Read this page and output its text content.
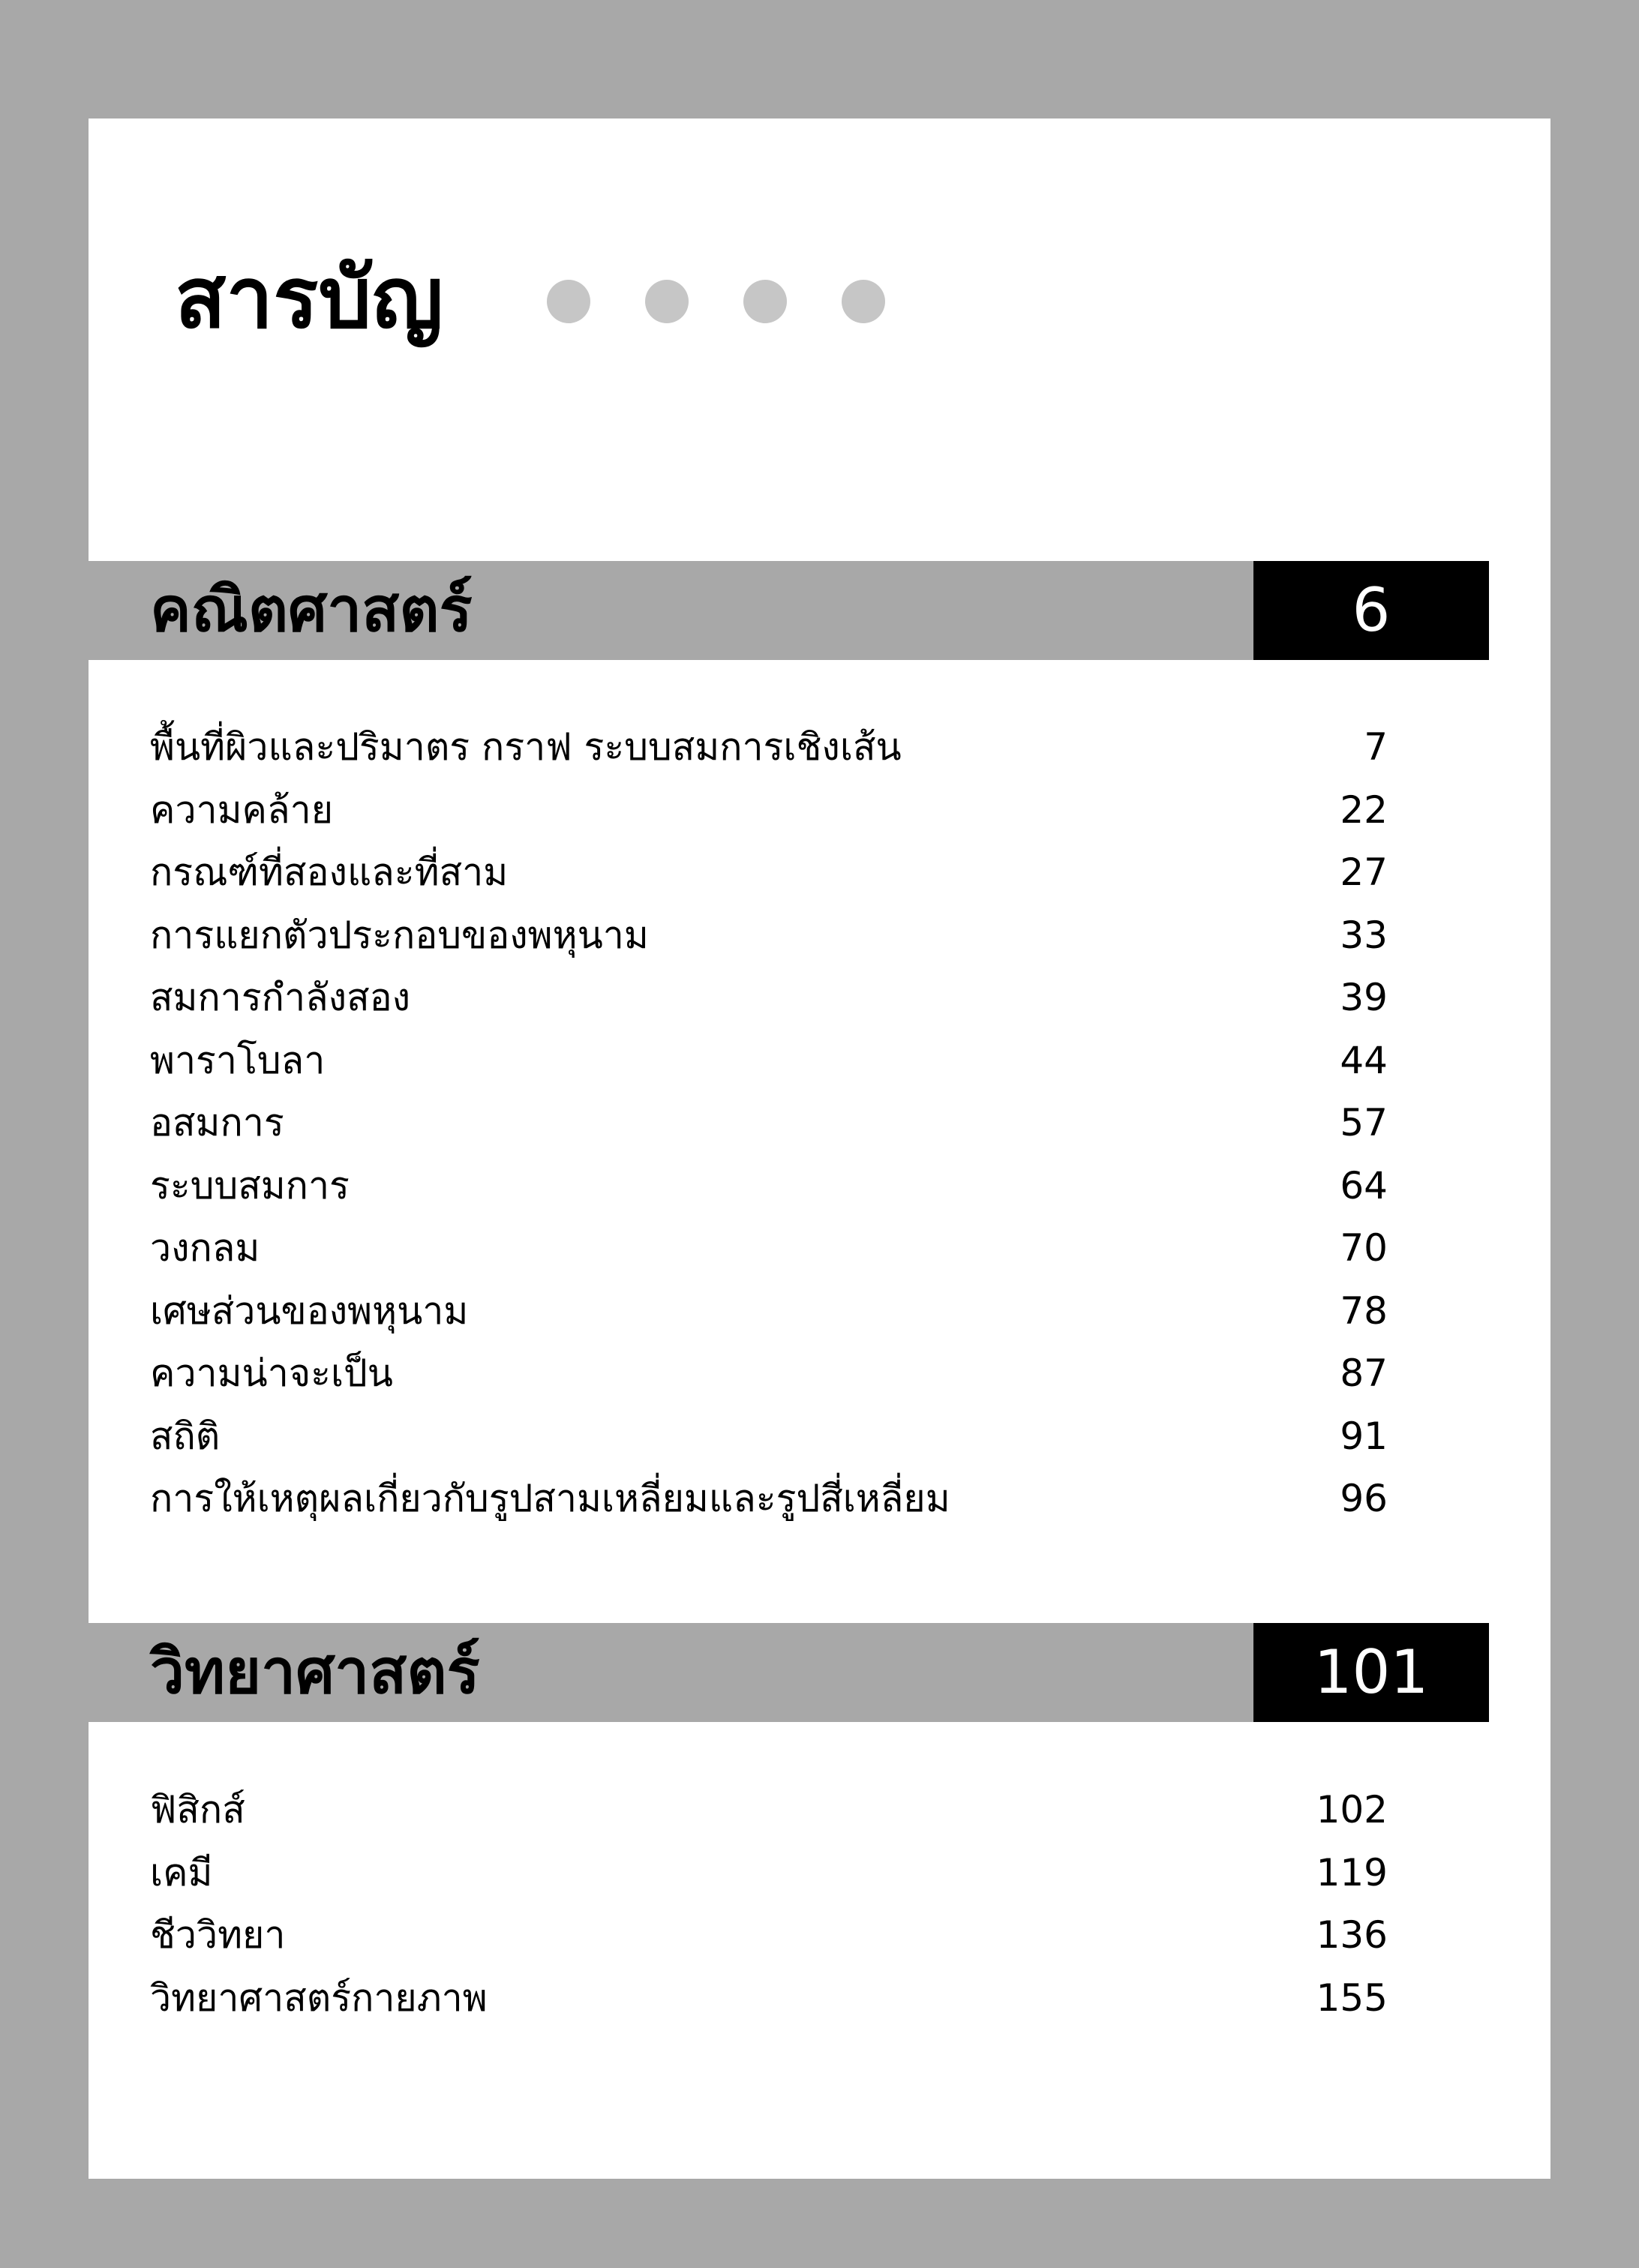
สารบัญ
คณิตศาสตร์	6
พื้นที่ผิวและปริมาตร กราฟ ระบบสมการเชิงเส้น	7
ความคล้าย	22
กรณฑ์ที่สองและที่สาม	27
การแยกตัวประกอบของพหุนาม	33
สมการกำลังสอง	39
พาราโบลา	44
อสมการ	57
ระบบสมการ	64
วงกลม	70
เศษส่วนของพหุนาม	78
ความน่าจะเป็น	87
สถิติ	91
การให้เหตุผลเกี่ยวกับรูปสามเหลี่ยมและรูปสี่เหลี่ยม	96
วิทยาศาสตร์	101
ฟิสิกส์	102
เคมี	119
ชีววิทยา	136
วิทยาศาสตร์กายภาพ	155
